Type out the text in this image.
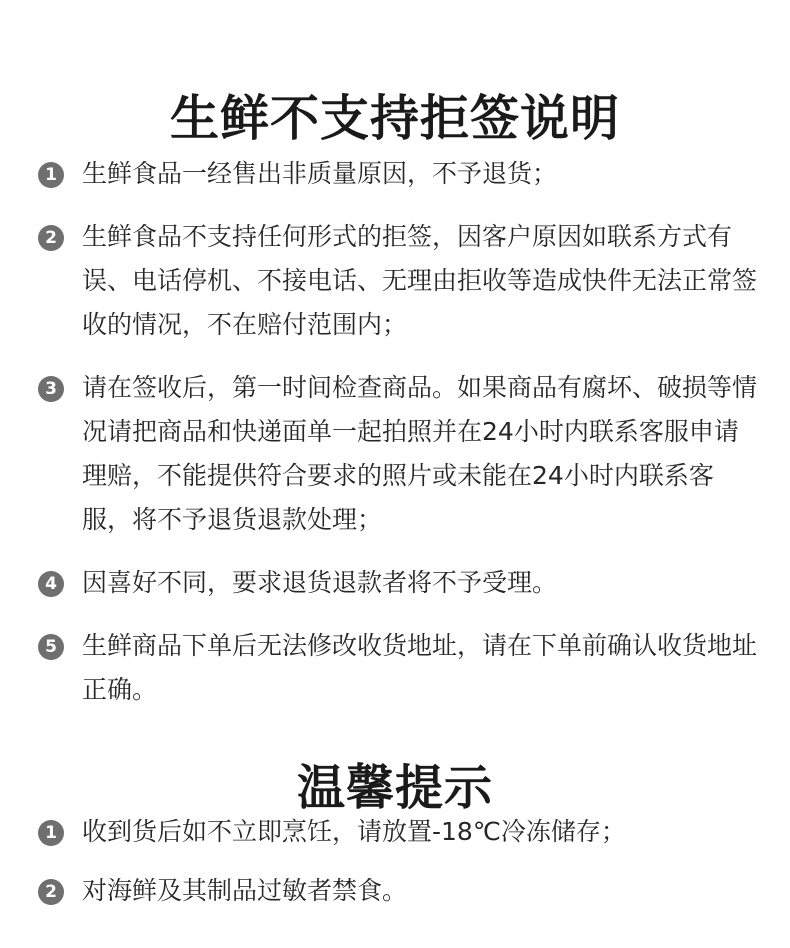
生鲜不支持拒签说明
1 生鲜食品一经售出非质量原因，不予退货；
2 生鲜食品不支持任何形式的拒签，因客户原因如联系方式有误、电话停机、不接电话、无理由拒收等造成快件无法正常签收的情况，不在赔付范围内；
3 请在签收后，第一时间检查商品。如果商品有腐坏、破损等情况请把商品和快递面单一起拍照并在24小时内联系客服申请理赔，不能提供符合要求的照片或未能在24小时内联系客服，将不予退货退款处理；
4 因喜好不同，要求退货退款者将不予受理。
5 生鲜商品下单后无法修改收货地址，请在下单前确认收货地址正确。
温馨提示
1 收到货后如不立即烹饪，请放置-18℃冷冻储存；
2 对海鲜及其制品过敏者禁食。
